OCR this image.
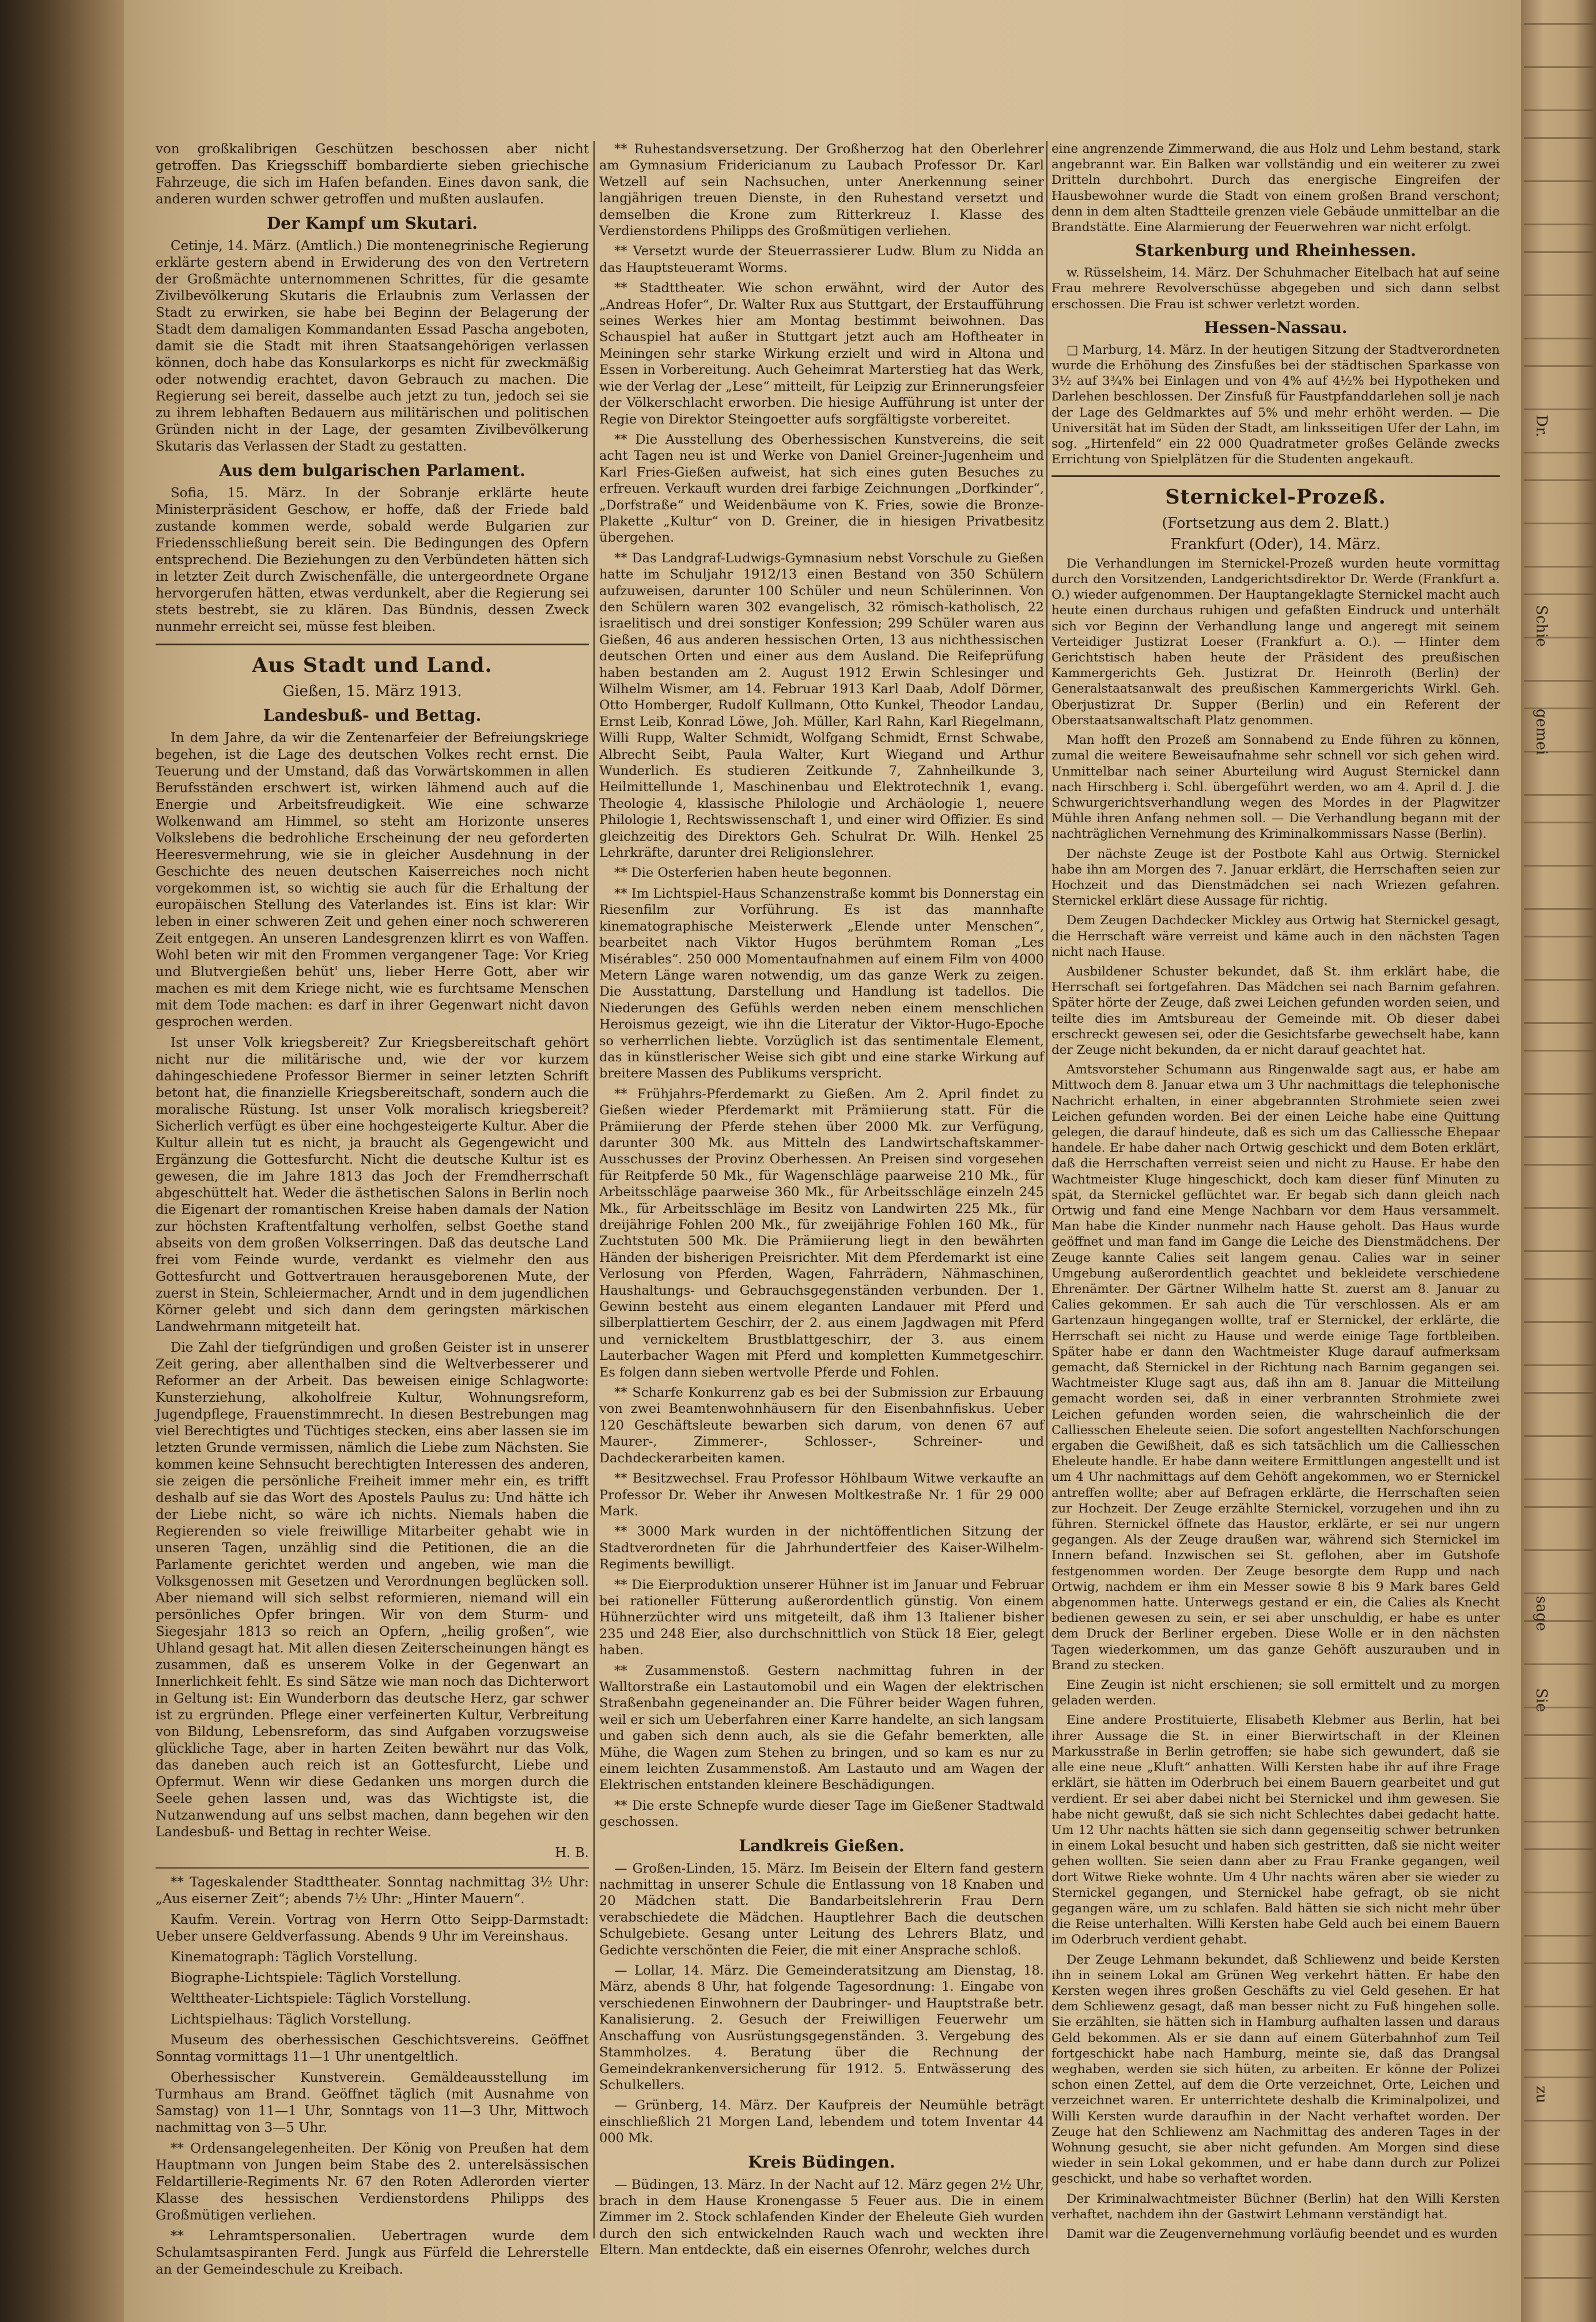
von großkalibrigen Geschützen beschossen aber nicht getroffen. Das Kriegsschiff bombardierte sieben griechische Fahrzeuge, die sich im Hafen befanden. Eines davon sank, die anderen wurden schwer getroffen und mußten auslaufen.

Der Kampf um Skutari.

Cetinje, 14. März. (Amtlich.) Die montenegrinische Regierung erklärte gestern abend in Erwiderung des von den Vertretern der Großmächte unternommenen Schrittes, für die gesamte Zivilbevölkerung Skutaris die Erlaubnis zum Verlassen der Stadt zu erwirken, sie habe bei Beginn der Belagerung der Stadt dem damaligen Kommandanten Essad Pascha angeboten, damit sie die Stadt mit ihren Staatsangehörigen verlassen können, doch habe das Konsularkorps es nicht für zweckmäßig oder notwendig erachtet, davon Gebrauch zu machen. Die Regierung sei bereit, dasselbe auch jetzt zu tun, jedoch sei sie zu ihrem lebhaften Bedauern aus militärischen und politischen Gründen nicht in der Lage, der gesamten Zivilbevölkerung Skutaris das Verlassen der Stadt zu gestatten.

Aus dem bulgarischen Parlament.

Sofia, 15. März. In der Sobranje erklärte heute Ministerpräsident Geschow, er hoffe, daß der Friede bald zustande kommen werde, sobald werde Bulgarien zur Friedensschließung bereit sein. Die Bedingungen des Opfern entsprechend. Die Beziehungen zu den Verbündeten hätten sich in letzter Zeit durch Zwischenfälle, die untergeordnete Organe hervorgerufen hätten, etwas verdunkelt, aber die Regierung sei stets bestrebt, sie zu klären. Das Bündnis, dessen Zweck nunmehr erreicht sei, müsse fest bleiben.

Aus Stadt und Land.
Gießen, 15. März 1913.
Landesbuß- und Bettag.

In dem Jahre, da wir die Zentenarfeier der Befreiungskriege begehen, ist die Lage des deutschen Volkes recht ernst. Die Teuerung und der Umstand, daß das Vorwärtskommen in allen Berufsständen erschwert ist, wirken lähmend auch auf die Energie und Arbeitsfreudigkeit. Wie eine schwarze Wolkenwand am Himmel, so steht am Horizonte unseres Volkslebens die bedrohliche Erscheinung der neu geforderten Heeresvermehrung, wie sie in gleicher Ausdehnung in der Geschichte des neuen deutschen Kaiserreiches noch nicht vorgekommen ist, so wichtig sie auch für die Erhaltung der europäischen Stellung des Vaterlandes ist. Eins ist klar: Wir leben in einer schweren Zeit und gehen einer noch schwereren Zeit entgegen. An unseren Landesgrenzen klirrt es von Waffen. Wohl beten wir mit den Frommen vergangener Tage: Vor Krieg und Blutvergießen behüt' uns, lieber Herre Gott, aber wir machen es mit dem Kriege nicht, wie es furchtsame Menschen mit dem Tode machen: es darf in ihrer Gegenwart nicht davon gesprochen werden.

Ist unser Volk kriegsbereit? Zur Kriegsbereitschaft gehört nicht nur die militärische und, wie der vor kurzem dahingeschiedene Professor Biermer in seiner letzten Schrift betont hat, die finanzielle Kriegsbereitschaft, sondern auch die moralische Rüstung. Ist unser Volk moralisch kriegsbereit? Sicherlich verfügt es über eine hochgesteigerte Kultur. Aber die Kultur allein tut es nicht, ja braucht als Gegengewicht und Ergänzung die Gottesfurcht. Nicht die deutsche Kultur ist es gewesen, die im Jahre 1813 das Joch der Fremdherrschaft abgeschüttelt hat. Weder die ästhetischen Salons in Berlin noch die Eigenart der romantischen Kreise haben damals der Nation zur höchsten Kraftentfaltung verholfen, selbst Goethe stand abseits von dem großen Volkserringen. Daß das deutsche Land frei vom Feinde wurde, verdankt es vielmehr den aus Gottesfurcht und Gottvertrauen herausgeborenen Mute, der zuerst in Stein, Schleiermacher, Arndt und in dem jugendlichen Körner gelebt und sich dann dem geringsten märkischen Landwehrmann mitgeteilt hat.

Die Zahl der tiefgründigen und großen Geister ist in unserer Zeit gering, aber allenthalben sind die Weltverbesserer und Reformer an der Arbeit. Das beweisen einige Schlagworte: Kunsterziehung, alkoholfreie Kultur, Wohnungsreform, Jugendpflege, Frauenstimmrecht. In diesen Bestrebungen mag viel Berechtigtes und Tüchtiges stecken, eins aber lassen sie im letzten Grunde vermissen, nämlich die Liebe zum Nächsten. Sie kommen keine Sehnsucht berechtigten Interessen des anderen, sie zeigen die persönliche Freiheit immer mehr ein, es trifft deshalb auf sie das Wort des Apostels Paulus zu: Und hätte ich der Liebe nicht, so wäre ich nichts. Niemals haben die Regierenden so viele freiwillige Mitarbeiter gehabt wie in unseren Tagen, unzählig sind die Petitionen, die an die Parlamente gerichtet werden und angeben, wie man die Volksgenossen mit Gesetzen und Verordnungen beglücken soll. Aber niemand will sich selbst reformieren, niemand will ein persönliches Opfer bringen. Wir von dem Sturm- und Siegesjahr 1813 so reich an Opfern, „heilig großen“, wie Uhland gesagt hat. Mit allen diesen Zeiterscheinungen hängt es zusammen, daß es unserem Volke in der Gegenwart an Innerlichkeit fehlt. Es sind Sätze wie man noch das Dichterwort in Geltung ist: Ein Wunderborn das deutsche Herz, gar schwer ist zu ergründen. Pflege einer verfeinerten Kultur, Verbreitung von Bildung, Lebensreform, das sind Aufgaben vorzugsweise glückliche Tage, aber in harten Zeiten bewährt nur das Volk, das daneben auch reich ist an Gottesfurcht, Liebe und Opfermut. Wenn wir diese Gedanken uns morgen durch die Seele gehen lassen und, was das Wichtigste ist, die Nutzanwendung auf uns selbst machen, dann begehen wir den Landesbuß- und Bettag in rechter Weise.

H. B.

** Tageskalender Stadttheater. Sonntag nachmittag 3½ Uhr: „Aus eiserner Zeit“; abends 7½ Uhr: „Hinter Mauern“.

Kaufm. Verein. Vortrag von Herrn Otto Seipp-Darmstadt: Ueber unsere Geldverfassung. Abends 9 Uhr im Vereinshaus.

Kinematograph: Täglich Vorstellung.

Biographe-Lichtspiele: Täglich Vorstellung.

Welttheater-Lichtspiele: Täglich Vorstellung.

Lichtspielhaus: Täglich Vorstellung.

Museum des oberhessischen Geschichtsvereins. Geöffnet Sonntag vormittags 11—1 Uhr unentgeltlich.

Oberhessischer Kunstverein. Gemäldeausstellung im Turmhaus am Brand. Geöffnet täglich (mit Ausnahme von Samstag) von 11—1 Uhr, Sonntags von 11—3 Uhr, Mittwoch nachmittag von 3—5 Uhr.

** Ordensangelegenheiten. Der König von Preußen hat dem Hauptmann von Jungen beim Stabe des 2. unterelsässischen Feldartillerie-Regiments Nr. 67 den Roten Adlerorden vierter Klasse des hessischen Verdienstordens Philipps des Großmütigen verliehen.

** Lehramtspersonalien. Uebertragen wurde dem Schulamtsaspiranten Ferd. Jungk aus Fürfeld die Lehrerstelle an der Gemeindeschule zu Kreibach.

** Ruhestandsversetzung. Der Großherzog hat den Oberlehrer am Gymnasium Fridericianum zu Laubach Professor Dr. Karl Wetzell auf sein Nachsuchen, unter Anerkennung seiner langjährigen treuen Dienste, in den Ruhestand versetzt und demselben die Krone zum Ritterkreuz I. Klasse des Verdienstordens Philipps des Großmütigen verliehen.

** Versetzt wurde der Steuerrassierer Ludw. Blum zu Nidda an das Hauptsteueramt Worms.

** Stadttheater. Wie schon erwähnt, wird der Autor des „Andreas Hofer“, Dr. Walter Rux aus Stuttgart, der Erstaufführung seines Werkes hier am Montag bestimmt beiwohnen. Das Schauspiel hat außer in Stuttgart jetzt auch am Hoftheater in Meiningen sehr starke Wirkung erzielt und wird in Altona und Essen in Vorbereitung. Auch Geheimrat Marterstieg hat das Werk, wie der Verlag der „Lese“ mitteilt, für Leipzig zur Erinnerungsfeier der Völkerschlacht erworben. Die hiesige Aufführung ist unter der Regie von Direktor Steingoetter aufs sorgfältigste vorbereitet.

** Die Ausstellung des Oberhessischen Kunstvereins, die seit acht Tagen neu ist und Werke von Daniel Greiner-Jugenheim und Karl Fries-Gießen aufweist, hat sich eines guten Besuches zu erfreuen. Verkauft wurden drei farbige Zeichnungen „Dorfkinder“, „Dorfstraße“ und Weidenbäume von K. Fries, sowie die Bronze-Plakette „Kultur“ von D. Greiner, die in hiesigen Privatbesitz übergehen.

** Das Landgraf-Ludwigs-Gymnasium nebst Vorschule zu Gießen hatte im Schuljahr 1912/13 einen Bestand von 350 Schülern aufzuweisen, darunter 100 Schüler und neun Schülerinnen. Von den Schülern waren 302 evangelisch, 32 römisch-katholisch, 22 israelitisch und drei sonstiger Konfession; 299 Schüler waren aus Gießen, 46 aus anderen hessischen Orten, 13 aus nichthessischen deutschen Orten und einer aus dem Ausland. Die Reifeprüfung haben bestanden am 2. August 1912 Erwin Schlesinger und Wilhelm Wismer, am 14. Februar 1913 Karl Daab, Adolf Dörmer, Otto Homberger, Rudolf Kullmann, Otto Kunkel, Theodor Landau, Ernst Leib, Konrad Löwe, Joh. Müller, Karl Rahn, Karl Riegelmann, Willi Rupp, Walter Schmidt, Wolfgang Schmidt, Ernst Schwabe, Albrecht Seibt, Paula Walter, Kurt Wiegand und Arthur Wunderlich. Es studieren Zeitkunde 7, Zahnheilkunde 3, Heilmittellunde 1, Maschinenbau und Elektrotechnik 1, evang. Theologie 4, klassische Philologie und Archäologie 1, neuere Philologie 1, Rechtswissenschaft 1, und einer wird Offizier. Es sind gleichzeitig des Direktors Geh. Schulrat Dr. Wilh. Henkel 25 Lehrkräfte, darunter drei Religionslehrer.

** Die Osterferien haben heute begonnen.

** Im Lichtspiel-Haus Schanzenstraße kommt bis Donnerstag ein Riesenfilm zur Vorführung. Es ist das mannhafte kinematographische Meisterwerk „Elende unter Menschen“, bearbeitet nach Viktor Hugos berühmtem Roman „Les Misérables“. 250 000 Momentaufnahmen auf einem Film von 4000 Metern Länge waren notwendig, um das ganze Werk zu zeigen. Die Ausstattung, Darstellung und Handlung ist tadellos. Die Niederungen des Gefühls werden neben einem menschlichen Heroismus gezeigt, wie ihn die Literatur der Viktor-Hugo-Epoche so verherrlichen liebte. Vorzüglich ist das sentimentale Element, das in künstlerischer Weise sich gibt und eine starke Wirkung auf breitere Massen des Publikums verspricht.

** Frühjahrs-Pferdemarkt zu Gießen. Am 2. April findet zu Gießen wieder Pferdemarkt mit Prämiierung statt. Für die Prämiierung der Pferde stehen über 2000 Mk. zur Verfügung, darunter 300 Mk. aus Mitteln des Landwirtschaftskammer-Ausschusses der Provinz Oberhessen. An Preisen sind vorgesehen für Reitpferde 50 Mk., für Wagenschläge paarweise 210 Mk., für Arbeitsschläge paarweise 360 Mk., für Arbeitsschläge einzeln 245 Mk., für Arbeitsschläge im Besitz von Landwirten 225 Mk., für dreijährige Fohlen 200 Mk., für zweijährige Fohlen 160 Mk., für Zuchtstuten 500 Mk. Die Prämiierung liegt in den bewährten Händen der bisherigen Preisrichter. Mit dem Pferdemarkt ist eine Verlosung von Pferden, Wagen, Fahrrädern, Nähmaschinen, Haushaltungs- und Gebrauchsgegenständen verbunden. Der 1. Gewinn besteht aus einem eleganten Landauer mit Pferd und silberplattiertem Geschirr, der 2. aus einem Jagdwagen mit Pferd und vernickeltem Brustblattgeschirr, der 3. aus einem Lauterbacher Wagen mit Pferd und kompletten Kummetgeschirr. Es folgen dann sieben wertvolle Pferde und Fohlen.

** Scharfe Konkurrenz gab es bei der Submission zur Erbauung von zwei Beamtenwohnhäusern für den Eisenbahnfiskus. Ueber 120 Geschäftsleute bewarben sich darum, von denen 67 auf Maurer-, Zimmerer-, Schlosser-, Schreiner- und Dachdeckerarbeiten kamen.

** Besitzwechsel. Frau Professor Höhlbaum Witwe verkaufte an Professor Dr. Weber ihr Anwesen Moltkestraße Nr. 1 für 29 000 Mark.

** 3000 Mark wurden in der nichtöffentlichen Sitzung der Stadtverordneten für die Jahrhundertfeier des Kaiser-Wilhelm-Regiments bewilligt.

** Die Eierproduktion unserer Hühner ist im Januar und Februar bei rationeller Fütterung außerordentlich günstig. Von einem Hühnerzüchter wird uns mitgeteilt, daß ihm 13 Italiener bisher 235 und 248 Eier, also durchschnittlich von Stück 18 Eier, gelegt haben.

** Zusammenstoß. Gestern nachmittag fuhren in der Walltorstraße ein Lastautomobil und ein Wagen der elektrischen Straßenbahn gegeneinander an. Die Führer beider Wagen fuhren, weil er sich um Ueberfahren einer Karre handelte, an sich langsam und gaben sich denn auch, als sie die Gefahr bemerkten, alle Mühe, die Wagen zum Stehen zu bringen, und so kam es nur zu einem leichten Zusammenstoß. Am Lastauto und am Wagen der Elektrischen entstanden kleinere Beschädigungen.

** Die erste Schnepfe wurde dieser Tage im Gießener Stadtwald geschossen.

Landkreis Gießen.

— Großen-Linden, 15. März. Im Beisein der Eltern fand gestern nachmittag in unserer Schule die Entlassung von 18 Knaben und 20 Mädchen statt. Die Bandarbeitslehrerin Frau Dern verabschiedete die Mädchen. Hauptlehrer Bach die deutschen Schulgebiete. Gesang unter Leitung des Lehrers Blatz, und Gedichte verschönten die Feier, die mit einer Ansprache schloß.

— Lollar, 14. März. Die Gemeinderatsitzung am Dienstag, 18. März, abends 8 Uhr, hat folgende Tagesordnung: 1. Eingabe von verschiedenen Einwohnern der Daubringer- und Hauptstraße betr. Kanalisierung. 2. Gesuch der Freiwilligen Feuerwehr um Anschaffung von Ausrüstungsgegenständen. 3. Vergebung des Stammholzes. 4. Beratung über die Rechnung der Gemeindekrankenversicherung für 1912. 5. Entwässerung des Schulkellers.

— Grünberg, 14. März. Der Kaufpreis der Neumühle beträgt einschließlich 21 Morgen Land, lebendem und totem Inventar 44 000 Mk.

Kreis Büdingen.

— Büdingen, 13. März. In der Nacht auf 12. März gegen 2½ Uhr, brach in dem Hause Kronengasse 5 Feuer aus. Die in einem Zimmer im 2. Stock schlafenden Kinder der Eheleute Gieh wurden durch den sich entwickelnden Rauch wach und weckten ihre Eltern. Man entdeckte, daß ein eisernes Ofenrohr, welches durch

eine angrenzende Zimmerwand, die aus Holz und Lehm bestand, stark angebrannt war. Ein Balken war vollständig und ein weiterer zu zwei Dritteln durchbohrt. Durch das energische Eingreifen der Hausbewohner wurde die Stadt von einem großen Brand verschont; denn in dem alten Stadtteile grenzen viele Gebäude unmittelbar an die Brandstätte. Eine Alarmierung der Feuerwehren war nicht erfolgt.

Starkenburg und Rheinhessen.

w. Rüsselsheim, 14. März. Der Schuhmacher Eitelbach hat auf seine Frau mehrere Revolverschüsse abgegeben und sich dann selbst erschossen. Die Frau ist schwer verletzt worden.

Hessen-Nassau.

□ Marburg, 14. März. In der heutigen Sitzung der Stadtverordneten wurde die Erhöhung des Zinsfußes bei der städtischen Sparkasse von 3½ auf 3¾% bei Einlagen und von 4% auf 4½% bei Hypotheken und Darlehen beschlossen. Der Zinsfuß für Faustpfanddarlehen soll je nach der Lage des Geldmarktes auf 5% und mehr erhöht werden. — Die Universität hat im Süden der Stadt, am linksseitigen Ufer der Lahn, im sog. „Hirtenfeld“ ein 22 000 Quadratmeter großes Gelände zwecks Errichtung von Spielplätzen für die Studenten angekauft.

Sternickel-Prozeß.
(Fortsetzung aus dem 2. Blatt.)
Frankfurt (Oder), 14. März.

Die Verhandlungen im Sternickel-Prozeß wurden heute vormittag durch den Vorsitzenden, Landgerichtsdirektor Dr. Werde (Frankfurt a. O.) wieder aufgenommen. Der Hauptangeklagte Sternickel macht auch heute einen durchaus ruhigen und gefaßten Eindruck und unterhält sich vor Beginn der Verhandlung lange und angeregt mit seinem Verteidiger Justizrat Loeser (Frankfurt a. O.). — Hinter dem Gerichtstisch haben heute der Präsident des preußischen Kammergerichts Geh. Justizrat Dr. Heinroth (Berlin) der Generalstaatsanwalt des preußischen Kammergerichts Wirkl. Geh. Oberjustizrat Dr. Supper (Berlin) und ein Referent der Oberstaatsanwaltschaft Platz genommen.

Man hofft den Prozeß am Sonnabend zu Ende führen zu können, zumal die weitere Beweisaufnahme sehr schnell vor sich gehen wird. Unmittelbar nach seiner Aburteilung wird August Sternickel dann nach Hirschberg i. Schl. übergeführt werden, wo am 4. April d. J. die Schwurgerichtsverhandlung wegen des Mordes in der Plagwitzer Mühle ihren Anfang nehmen soll. — Die Verhandlung begann mit der nachträglichen Vernehmung des Kriminalkommissars Nasse (Berlin).

Der nächste Zeuge ist der Postbote Kahl aus Ortwig. Sternickel habe ihn am Morgen des 7. Januar erklärt, die Herrschaften seien zur Hochzeit und das Dienstmädchen sei nach Wriezen gefahren. Sternickel erklärt diese Aussage für richtig.

Dem Zeugen Dachdecker Mickley aus Ortwig hat Sternickel gesagt, die Herrschaft wäre verreist und käme auch in den nächsten Tagen nicht nach Hause.

Ausbildener Schuster bekundet, daß St. ihm erklärt habe, die Herrschaft sei fortgefahren. Das Mädchen sei nach Barnim gefahren. Später hörte der Zeuge, daß zwei Leichen gefunden worden seien, und teilte dies im Amtsbureau der Gemeinde mit. Ob dieser dabei erschreckt gewesen sei, oder die Gesichtsfarbe gewechselt habe, kann der Zeuge nicht bekunden, da er nicht darauf geachtet hat.

Amtsvorsteher Schumann aus Ringenwalde sagt aus, er habe am Mittwoch dem 8. Januar etwa um 3 Uhr nachmittags die telephonische Nachricht erhalten, in einer abgebrannten Strohmiete seien zwei Leichen gefunden worden. Bei der einen Leiche habe eine Quittung gelegen, die darauf hindeute, daß es sich um das Calliessche Ehepaar handele. Er habe daher nach Ortwig geschickt und dem Boten erklärt, daß die Herrschaften verreist seien und nicht zu Hause. Er habe den Wachtmeister Kluge hingeschickt, doch kam dieser fünf Minuten zu spät, da Sternickel geflüchtet war. Er begab sich dann gleich nach Ortwig und fand eine Menge Nachbarn vor dem Haus versammelt. Man habe die Kinder nunmehr nach Hause geholt. Das Haus wurde geöffnet und man fand im Gange die Leiche des Dienstmädchens. Der Zeuge kannte Calies seit langem genau. Calies war in seiner Umgebung außerordentlich geachtet und bekleidete verschiedene Ehrenämter. Der Gärtner Wilhelm hatte St. zuerst am 8. Januar zu Calies gekommen. Er sah auch die Tür verschlossen. Als er am Gartenzaun hingegangen wollte, traf er Sternickel, der erklärte, die Herrschaft sei nicht zu Hause und werde einige Tage fortbleiben. Später habe er dann den Wachtmeister Kluge darauf aufmerksam gemacht, daß Sternickel in der Richtung nach Barnim gegangen sei. Wachtmeister Kluge sagt aus, daß ihn am 8. Januar die Mitteilung gemacht worden sei, daß in einer verbrannten Strohmiete zwei Leichen gefunden worden seien, die wahrscheinlich die der Calliesschen Eheleute seien. Die sofort angestellten Nachforschungen ergaben die Gewißheit, daß es sich tatsächlich um die Calliesschen Eheleute handle. Er habe dann weitere Ermittlungen angestellt und ist um 4 Uhr nachmittags auf dem Gehöft angekommen, wo er Sternickel antreffen wollte; aber auf Befragen erklärte, die Herrschaften seien zur Hochzeit. Der Zeuge erzählte Sternickel, vorzugehen und ihn zu führen. Sternickel öffnete das Haustor, erklärte, er sei nur ungern gegangen. Als der Zeuge draußen war, während sich Sternickel im Innern befand. Inzwischen sei St. geflohen, aber im Gutshofe festgenommen worden. Der Zeuge besorgte dem Rupp und nach Ortwig, nachdem er ihm ein Messer sowie 8 bis 9 Mark bares Geld abgenommen hatte. Unterwegs gestand er ein, die Calies als Knecht bedienen gewesen zu sein, er sei aber unschuldig, er habe es unter dem Druck der Berliner ergeben. Diese Wolle er in den nächsten Tagen wiederkommen, um das ganze Gehöft auszurauben und in Brand zu stecken.

Eine Zeugin ist nicht erschienen; sie soll ermittelt und zu morgen geladen werden.

Eine andere Prostituierte, Elisabeth Klebmer aus Berlin, hat bei ihrer Aussage die St. in einer Bierwirtschaft in der Kleinen Markusstraße in Berlin getroffen; sie habe sich gewundert, daß sie alle eine neue „Kluft“ anhatten. Willi Kersten habe ihr auf ihre Frage erklärt, sie hätten im Oderbruch bei einem Bauern gearbeitet und gut verdient. Er sei aber dabei nicht bei Sternickel und ihm gewesen. Sie habe nicht gewußt, daß sie sich nicht Schlechtes dabei gedacht hatte. Um 12 Uhr nachts hätten sie sich dann gegenseitig schwer betrunken in einem Lokal besucht und haben sich gestritten, daß sie nicht weiter gehen wollten. Sie seien dann aber zu Frau Franke gegangen, weil dort Witwe Rieke wohnte. Um 4 Uhr nachts wären aber sie wieder zu Sternickel gegangen, und Sternickel habe gefragt, ob sie nicht gegangen wäre, um zu schlafen. Bald hätten sie sich nicht mehr über die Reise unterhalten. Willi Kersten habe Geld auch bei einem Bauern im Oderbruch verdient gehabt.

Der Zeuge Lehmann bekundet, daß Schliewenz und beide Kersten ihn in seinem Lokal am Grünen Weg verkehrt hätten. Er habe den Kersten wegen ihres großen Geschäfts zu viel Geld gesehen. Er hat dem Schliewenz gesagt, daß man besser nicht zu Fuß hingehen solle. Sie erzählten, sie hätten sich in Hamburg aufhalten lassen und daraus Geld bekommen. Als er sie dann auf einem Güterbahnhof zum Teil fortgeschickt habe nach Hamburg, meinte sie, daß das Drangsal weghaben, werden sie sich hüten, zu arbeiten. Er könne der Polizei schon einen Zettel, auf dem die Orte verzeichnet, Orte, Leichen und verzeichnet waren. Er unterrichtete deshalb die Kriminalpolizei, und Willi Kersten wurde daraufhin in der Nacht verhaftet worden. Der Zeuge hat den Schliewenz am Nachmittag des anderen Tages in der Wohnung gesucht, sie aber nicht gefunden. Am Morgen sind diese wieder in sein Lokal gekommen, und er habe dann durch zur Polizei geschickt, und habe so verhaftet worden.

Der Kriminalwachtmeister Büchner (Berlin) hat den Willi Kersten verhaftet, nachdem ihn der Gastwirt Lehmann verständigt hat.

Damit war die Zeugenvernehmung vorläufig beendet und es wurden

Dr.
Schie
gemei
sage
Sie
zu
